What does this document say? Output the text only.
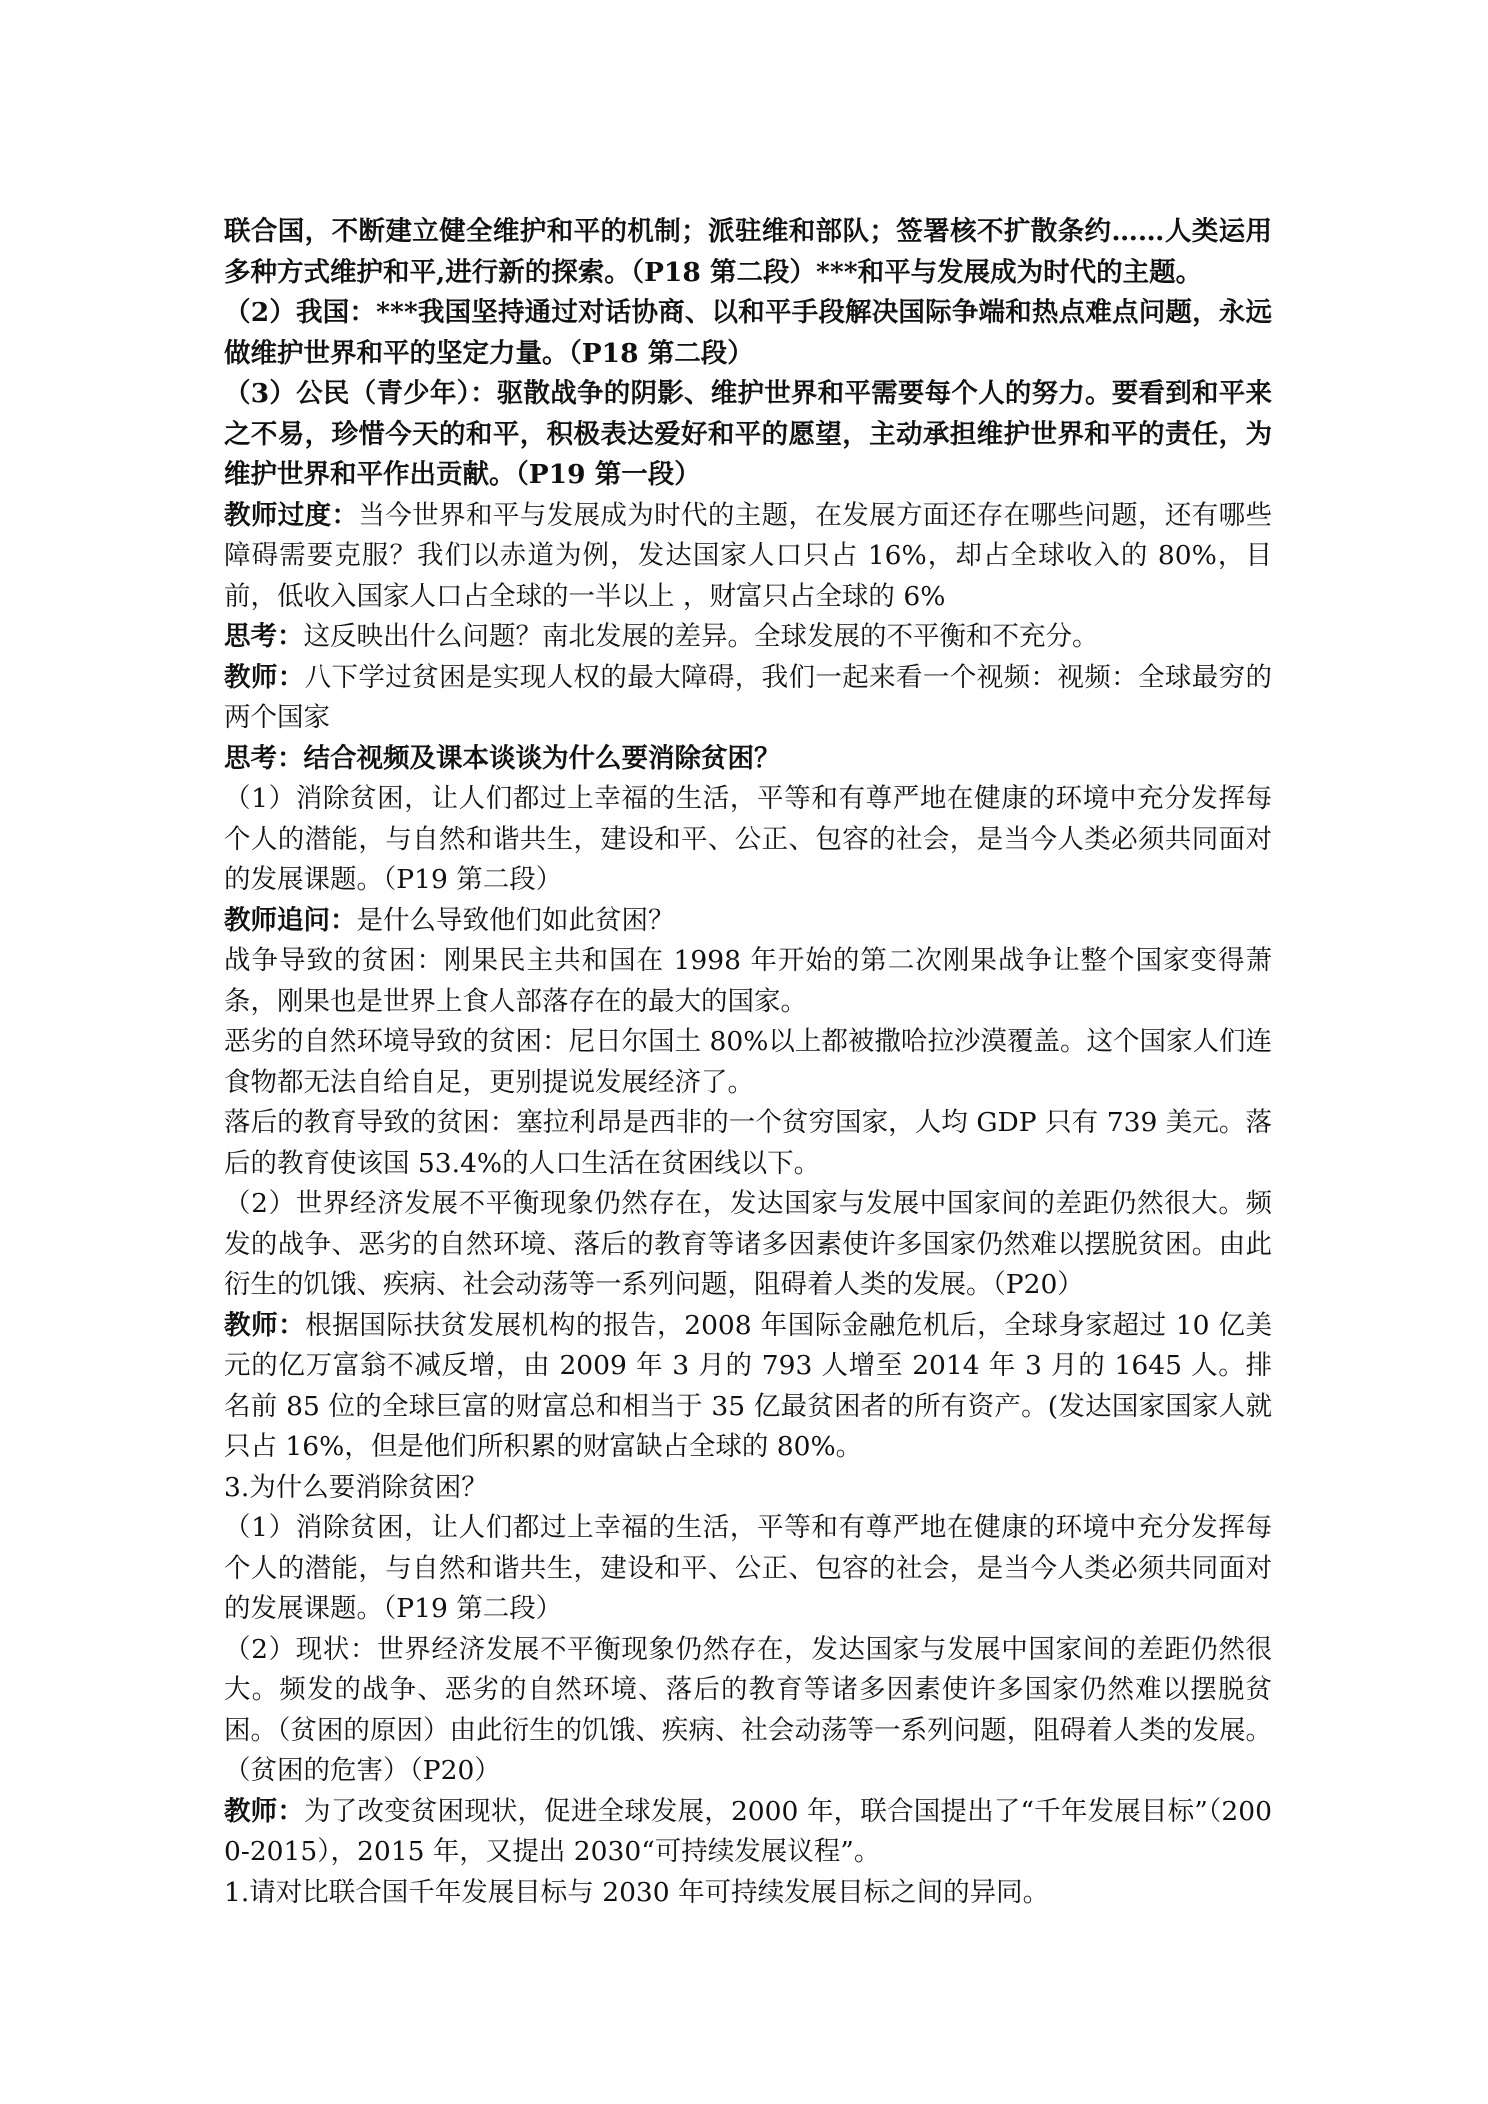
联合国，不断建立健全维护和平的机制；派驻维和部队；签署核不扩散条约……人类运用多种方式维护和平,进行新的探索。（P18 第二段）***和平与发展成为时代的主题。

（2）我国：***我国坚持通过对话协商、以和平手段解决国际争端和热点难点问题，永远做维护世界和平的坚定力量。（P18 第二段）

（3）公民（青少年）：驱散战争的阴影、维护世界和平需要每个人的努力。要看到和平来之不易，珍惜今天的和平，积极表达爱好和平的愿望，主动承担维护世界和平的责任，为维护世界和平作出贡献。（P19 第一段）

教师过度：当今世界和平与发展成为时代的主题，在发展方面还存在哪些问题，还有哪些障碍需要克服？我们以赤道为例，发达国家人口只占 16%，却占全球收入的 80%，目前，低收入国家人口占全球的一半以上 ，财富只占全球的 6%

思考：这反映出什么问题？南北发展的差异。全球发展的不平衡和不充分。

教师：八下学过贫困是实现人权的最大障碍，我们一起来看一个视频：视频：全球最穷的两个国家

思考：结合视频及课本谈谈为什么要消除贫困？

（1）消除贫困，让人们都过上幸福的生活，平等和有尊严地在健康的环境中充分发挥每个人的潜能，与自然和谐共生，建设和平、公正、包容的社会，是当今人类必须共同面对的发展课题。（P19 第二段）

教师追问：是什么导致他们如此贫困？

战争导致的贫困：刚果民主共和国在 1998 年开始的第二次刚果战争让整个国家变得萧条，刚果也是世界上食人部落存在的最大的国家。

恶劣的自然环境导致的贫困：尼日尔国土 80%以上都被撒哈拉沙漠覆盖。这个国家人们连食物都无法自给自足，更别提说发展经济了。

落后的教育导致的贫困：塞拉利昂是西非的一个贫穷国家，人均 GDP 只有 739 美元。落后的教育使该国 53.4%的人口生活在贫困线以下。

（2）世界经济发展不平衡现象仍然存在，发达国家与发展中国家间的差距仍然很大。频发的战争、恶劣的自然环境、落后的教育等诸多因素使许多国家仍然难以摆脱贫困。由此衍生的饥饿、疾病、社会动荡等一系列问题，阻碍着人类的发展。（P20）

教师：根据国际扶贫发展机构的报告，2008 年国际金融危机后，全球身家超过 10 亿美元的亿万富翁不减反增，由 2009 年 3 月的 793 人增至 2014 年 3 月的 1645 人。排名前 85 位的全球巨富的财富总和相当于 35 亿最贫困者的所有资产。(发达国家国家人就只占 16%，但是他们所积累的财富缺占全球的 80%。

3.为什么要消除贫困？

（1）消除贫困，让人们都过上幸福的生活，平等和有尊严地在健康的环境中充分发挥每个人的潜能，与自然和谐共生，建设和平、公正、包容的社会，是当今人类必须共同面对的发展课题。（P19 第二段）

（2）现状：世界经济发展不平衡现象仍然存在，发达国家与发展中国家间的差距仍然很大。频发的战争、恶劣的自然环境、落后的教育等诸多因素使许多国家仍然难以摆脱贫困。（贫困的原因）由此衍生的饥饿、疾病、社会动荡等一系列问题，阻碍着人类的发展。（贫困的危害）（P20）

教师：为了改变贫困现状，促进全球发展，2000 年，联合国提出了“千年发展目标”（2000-2015），2015 年，又提出 2030“可持续发展议程”。

1.请对比联合国千年发展目标与 2030 年可持续发展目标之间的异同。
